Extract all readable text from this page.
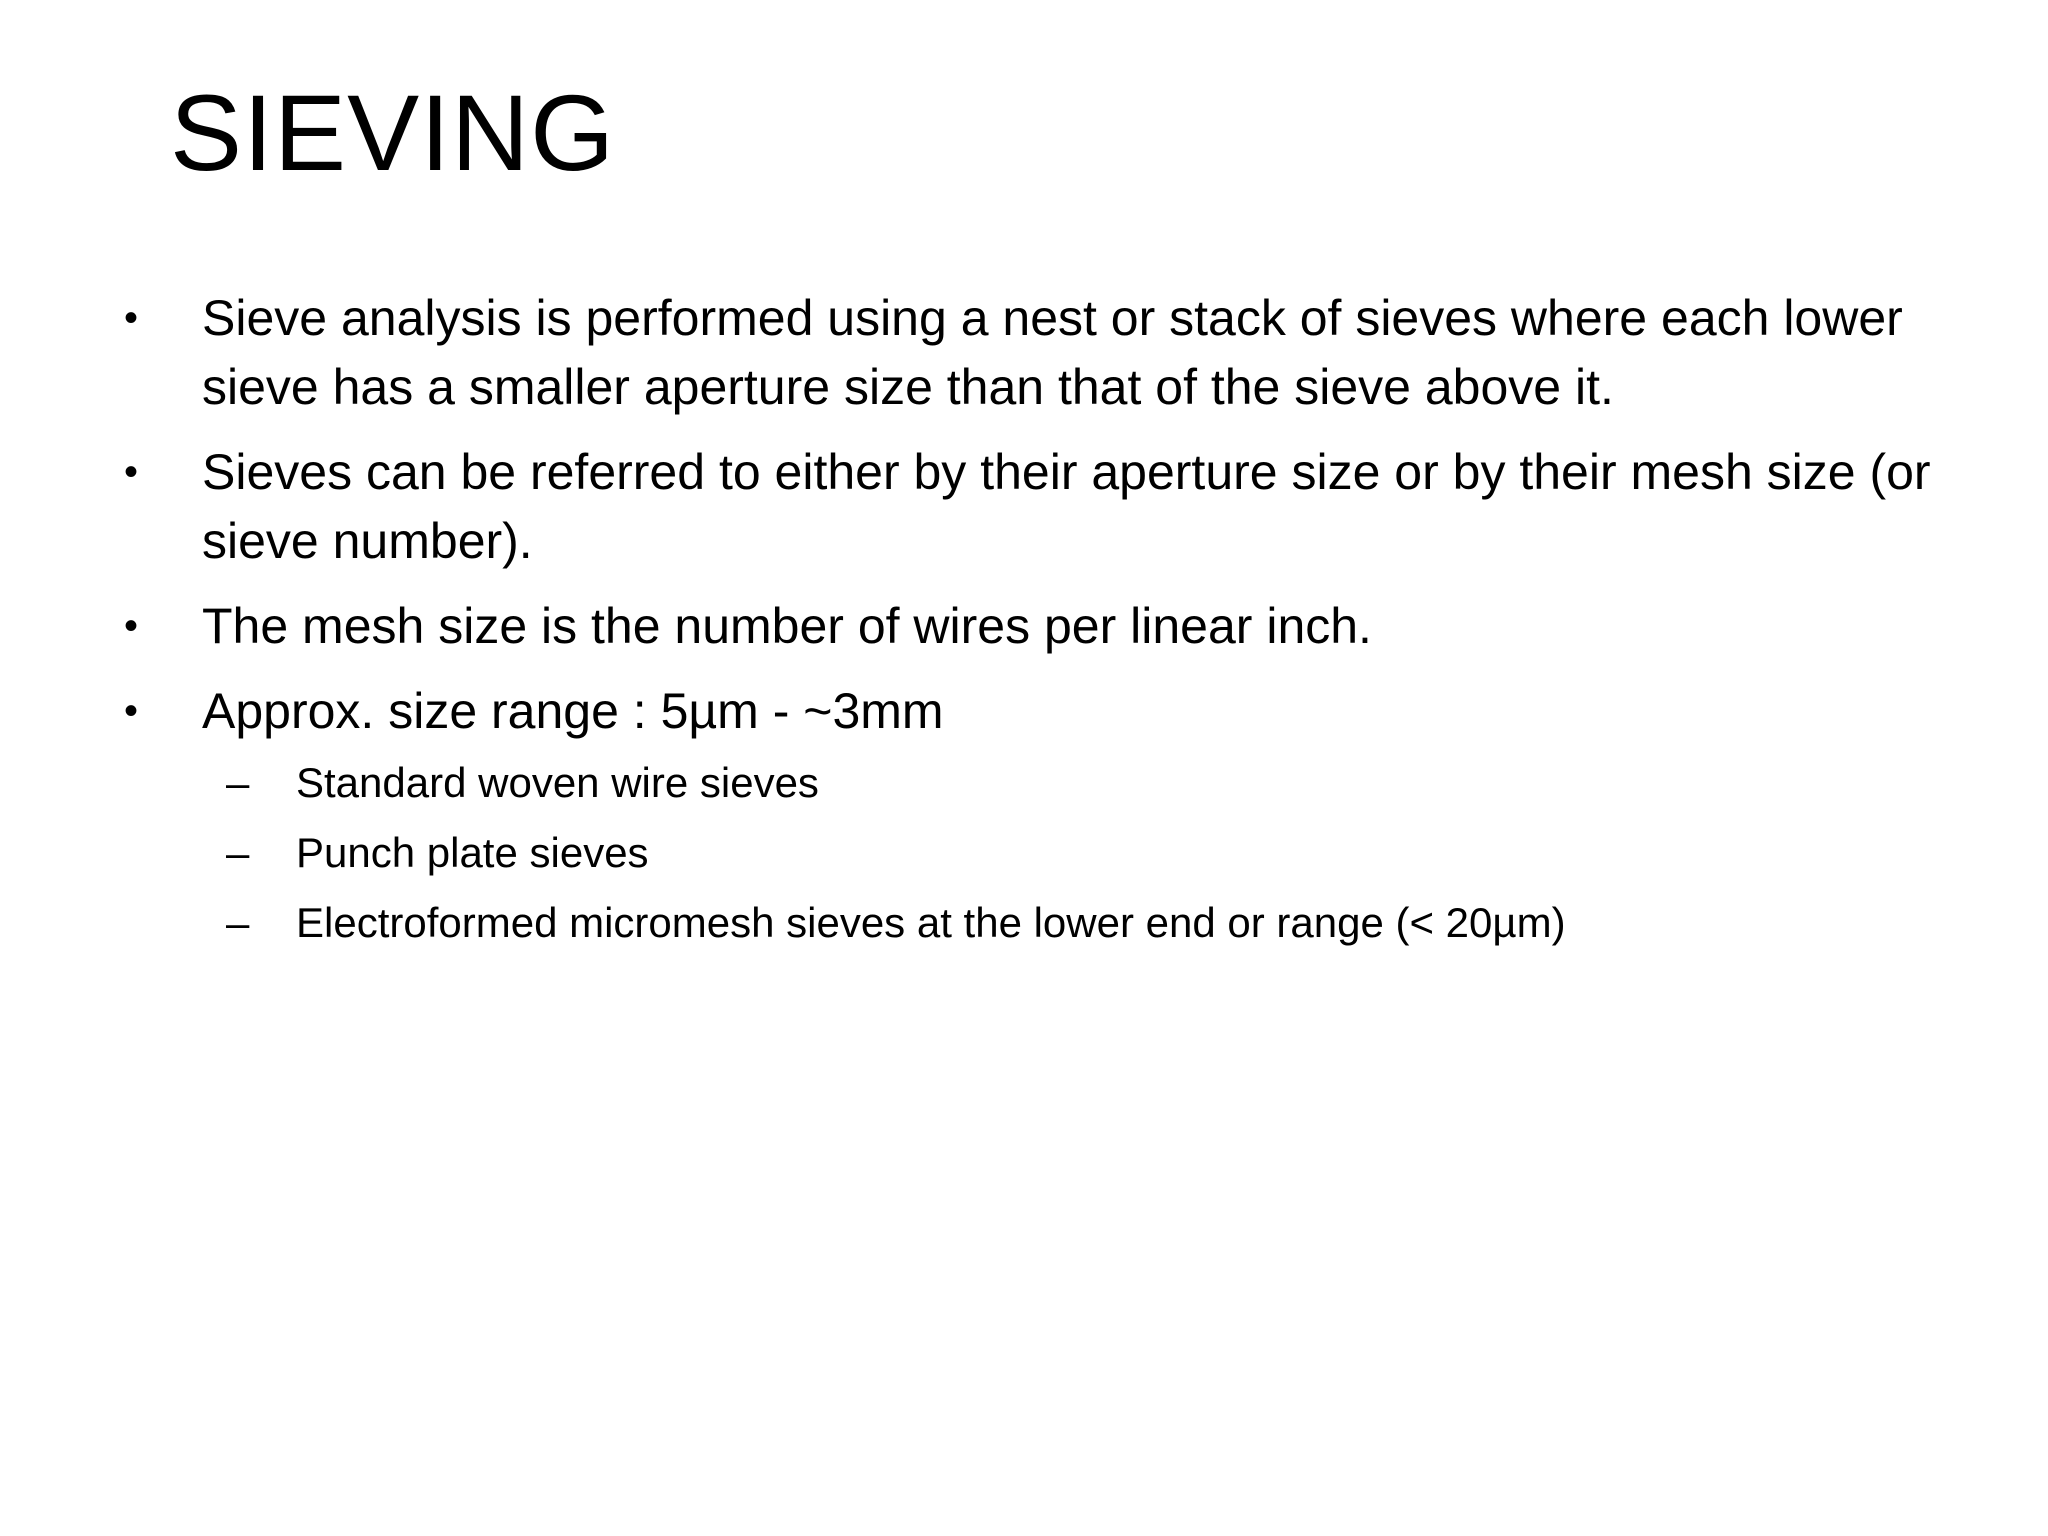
SIEVING
• Sieve analysis is performed using a nest or stack of sieves where each lower sieve has a smaller aperture size than that of the sieve above it.
• Sieves can be referred to either by their aperture size or by their mesh size (or sieve number).
• The mesh size is the number of wires per linear inch.
• Approx. size range : 5µm - ~3mm
– Standard woven wire sieves
– Punch plate sieves
– Electroformed micromesh sieves at the lower end or range (< 20µm)
